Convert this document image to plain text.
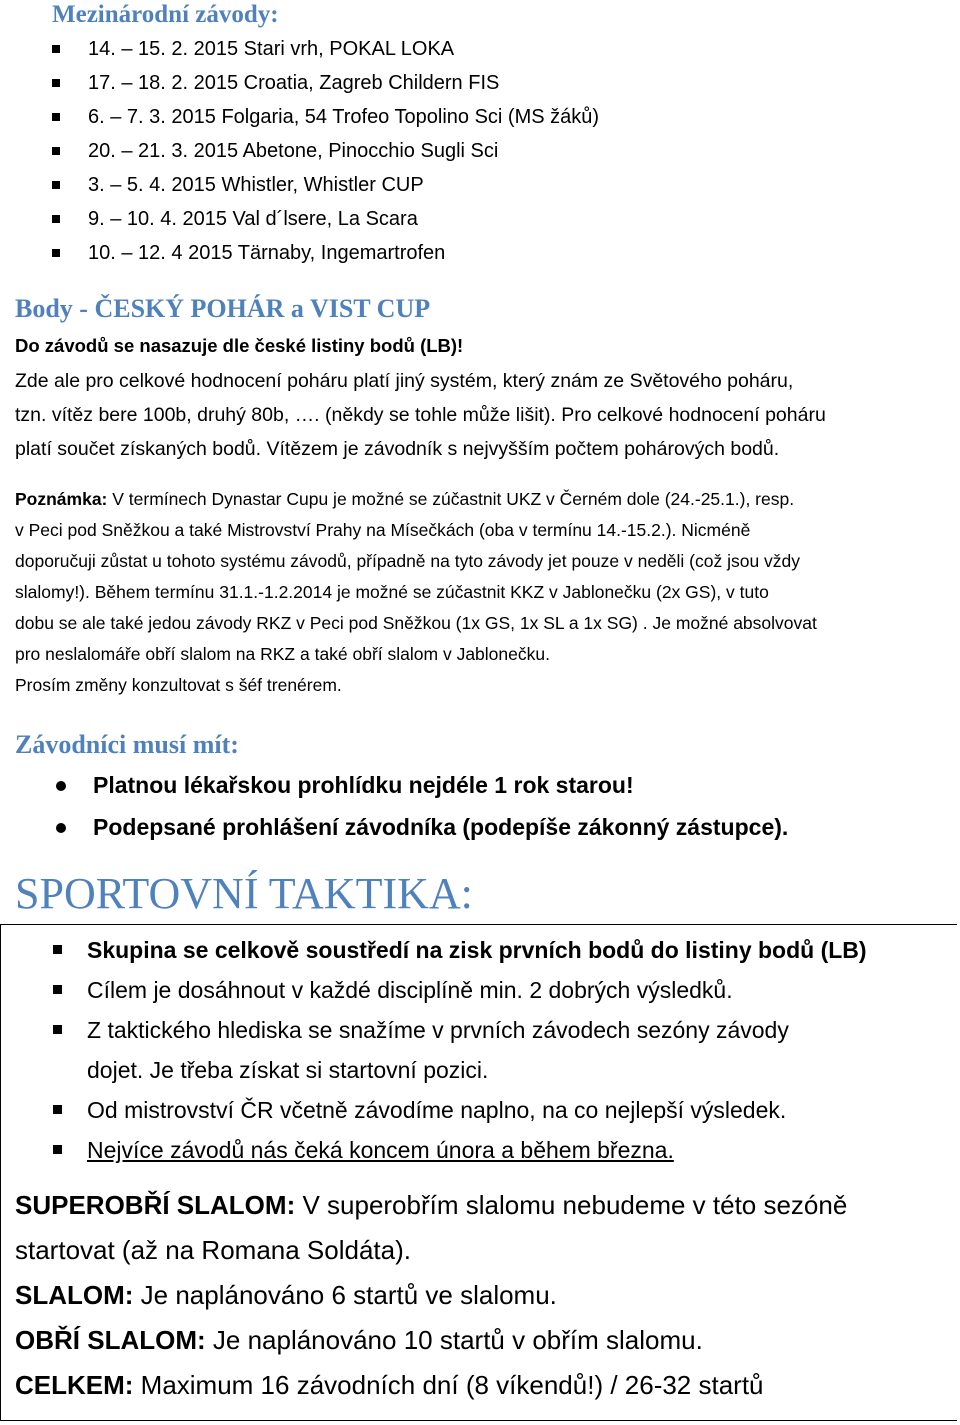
Mezinárodní závody:
14. – 15. 2. 2015 Stari vrh, POKAL LOKA
17. – 18. 2. 2015 Croatia, Zagreb Childern FIS
6. – 7. 3. 2015 Folgaria, 54 Trofeo Topolino Sci (MS žáků)
20. – 21. 3. 2015 Abetone, Pinocchio Sugli Sci
3. – 5. 4. 2015 Whistler, Whistler CUP
9. – 10. 4. 2015 Val d´lsere, La Scara
10. – 12. 4 2015 Tärnaby, Ingemartrofen
Body - ČESKÝ POHÁR a VIST CUP

Do závodů se nasazuje dle české listiny bodů (LB)!

Zde ale pro celkové hodnocení poháru platí jiný systém, který znám ze Světového poháru,
tzn. vítěz bere 100b, druhý 80b, …. (někdy se tohle může lišit). Pro celkové hodnocení poháru
platí součet získaných bodů. Vítězem je závodník s nejvyšším počtem pohárových bodů.
Poznámka: V termínech Dynastar Cupu je možné se zúčastnit UKZ v Černém dole (24.-25.1.), resp.
v Peci pod Sněžkou a také Mistrovství Prahy na Mísečkách (oba v termínu 14.-15.2.). Nicméně
doporučuji zůstat u tohoto systému závodů, případně na tyto závody jet pouze v neděli (což jsou vždy
slalomy!). Během termínu 31.1.-1.2.2014 je možné se zúčastnit KKZ v Jablonečku (2x GS), v tuto
dobu se ale také jedou závody RKZ v Peci pod Sněžkou (1x GS, 1x SL a 1x SG) . Je možné absolvovat
pro neslalomáře obří slalom na RKZ a také obří slalom v Jablonečku.
Prosím změny konzultovat s šéf trenérem.
Závodníci musí mít:
Platnou lékařskou prohlídku nejdéle 1 rok starou!
Podepsané prohlášení závodníka (podepíše zákonný zástupce).
SPORTOVNÍ TAKTIKA:
Skupina se celkově soustředí na zisk prvních bodů do listiny bodů (LB)
Cílem je dosáhnout v každé disciplíně min. 2 dobrých výsledků.
Z taktického hlediska se snažíme v prvních závodech sezóny závody
dojet. Je třeba získat si startovní pozici.
Od mistrovství ČR včetně závodíme naplno, na co nejlepší výsledek.
Nejvíce závodů nás čeká koncem února a během března.
SUPEROBŘÍ SLALOM: V superobřím slalomu nebudeme v této sezóně
startovat (až na Romana Soldáta).
SLALOM: Je naplánováno 6 startů ve slalomu.
OBŘÍ SLALOM: Je naplánováno 10 startů v obřím slalomu.
CELKEM: Maximum 16 závodních dní (8 víkendů!) / 26-32 startů
